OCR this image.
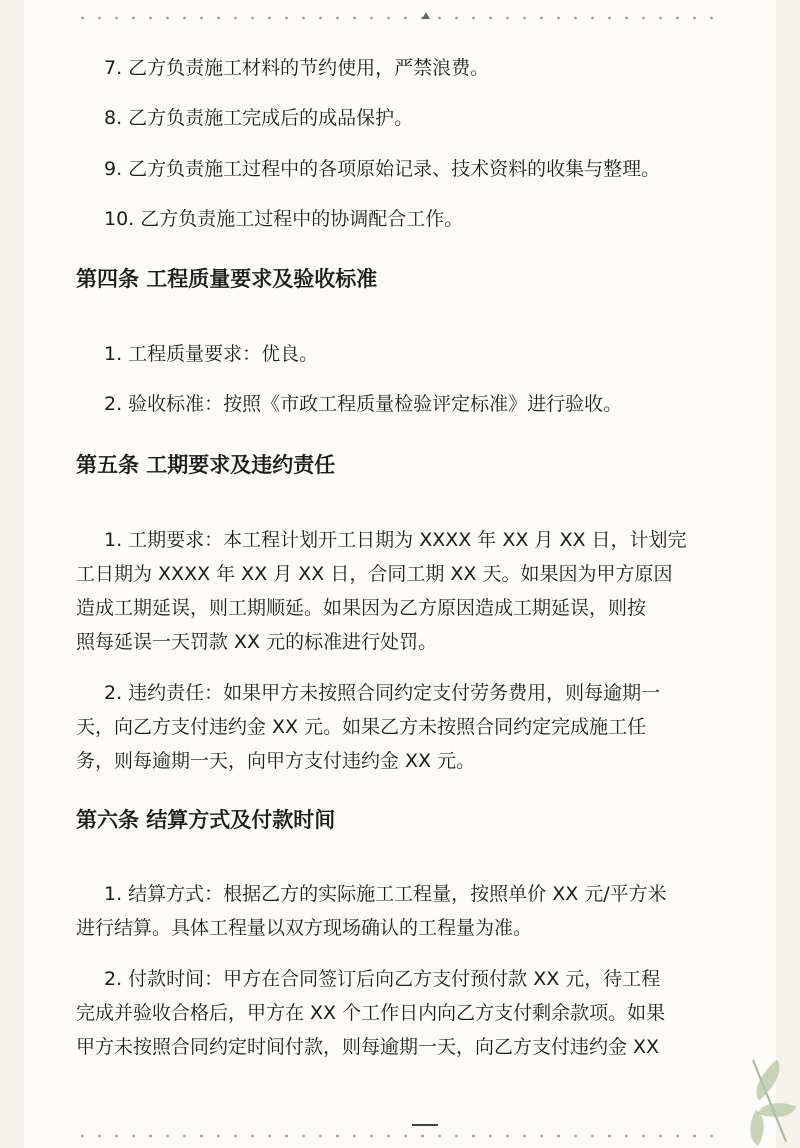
7. 乙方负责施工材料的节约使用，严禁浪费。

8. 乙方负责施工完成后的成品保护。

9. 乙方负责施工过程中的各项原始记录、技术资料的收集与整理。

10. 乙方负责施工过程中的协调配合工作。

第四条 工程质量要求及验收标准

1. 工程质量要求：优良。

2. 验收标准：按照《市政工程质量检验评定标准》进行验收。

第五条 工期要求及违约责任

1. 工期要求：本工程计划开工日期为 XXXX 年 XX 月 XX 日，计划完

工日期为 XXXX 年 XX 月 XX 日，合同工期 XX 天。如果因为甲方原因

造成工期延误，则工期顺延。如果因为乙方原因造成工期延误，则按

照每延误一天罚款 XX 元的标准进行处罚。

2. 违约责任：如果甲方未按照合同约定支付劳务费用，则每逾期一

天，向乙方支付违约金 XX 元。如果乙方未按照合同约定完成施工任

务，则每逾期一天，向甲方支付违约金 XX 元。

第六条 结算方式及付款时间

1. 结算方式：根据乙方的实际施工工程量，按照单价 XX 元/平方米

进行结算。具体工程量以双方现场确认的工程量为准。

2. 付款时间：甲方在合同签订后向乙方支付预付款 XX 元，待工程

完成并验收合格后，甲方在 XX 个工作日内向乙方支付剩余款项。如果

甲方未按照合同约定时间付款，则每逾期一天，向乙方支付违约金 XX
